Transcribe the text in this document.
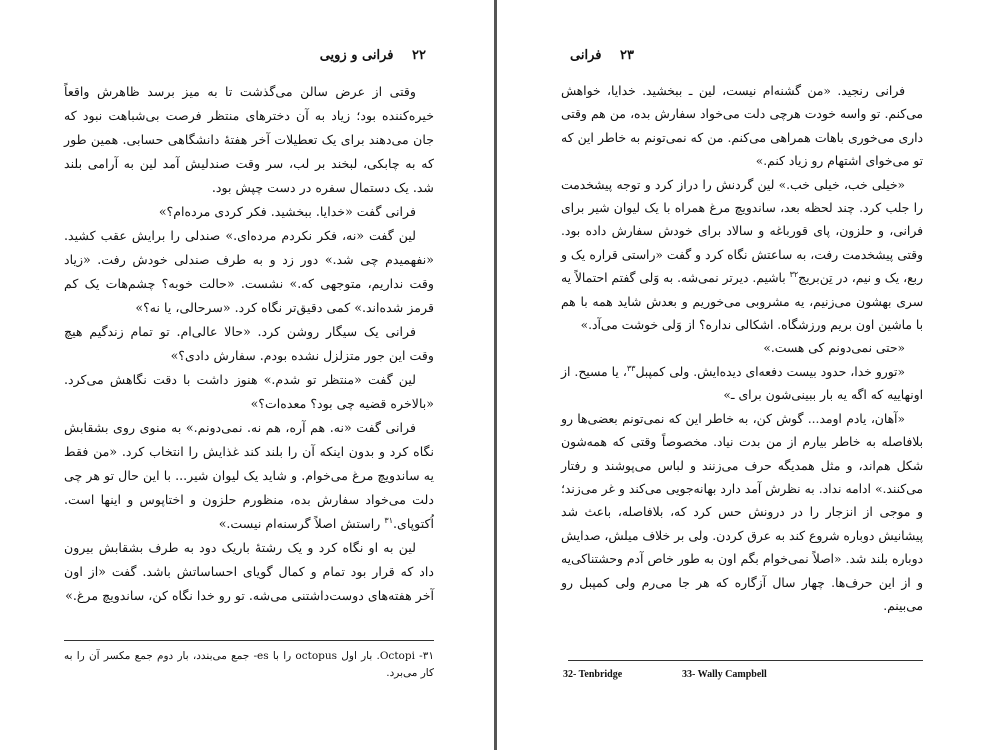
۲۲ فرانی و زویی

وقتی از عرض سالن می‌گذشت تا به میز برسد ظاهرش واقعاً خیره‌کننده بود؛ زیاد به آن دخترهای منتظر فرصت بی‌شباهت نبود که جان می‌دهند برای یک تعطیلات آخر هفتهٔ دانشگاهی حسابی. همین طور که به چابکی، لبخند بر لب، سر وقت صندلیش آمد لین به آرامی بلند شد. یک دستمال سفره در دست چپش بود.

فرانی گفت «خدایا. ببخشید. فکر کردی مرده‌ام؟»

لین گفت «نه، فکر نکردم مرده‌ای.» صندلی را برایش عقب کشید. «نفهمیدم چی شد.» دور زد و به طرف صندلی خودش رفت. «زیاد وقت نداریم، متوجهی که.» نشست. «حالت خوبه؟ چشم‌هات یک کم قرمز شده‌اند.» کمی دقیق‌تر نگاه کرد. «سرحالی، یا نه؟»

فرانی یک سیگار روشن کرد. «حالا عالی‌ام. تو تمام زندگیم هیچ وقت این جور متزلزل نشده بودم. سفارش دادی؟»

لین گفت «منتظر تو شدم.» هنوز داشت با دقت نگاهش می‌کرد. «بالاخره قضیه چی بود؟ معده‌ات؟»

فرانی گفت «نه. هم آره، هم نه. نمی‌دونم.» به منوی روی بشقابش نگاه کرد و بدون اینکه آن را بلند کند غذایش را انتخاب کرد. «من فقط یه ساندویچ مرغ می‌خوام. و شاید یک لیوان شیر... با این حال تو هر چی دلت می‌خواد سفارش بده، منظورم حلزون و اختاپوس و اینها است. اُکتوپای.$^{۳۱}$ راستش اصلاً گرسنه‌ام نیست.»

لین به او نگاه کرد و یک رشتهٔ باریک دود به طرف بشقابش بیرون داد که قرار بود تمام و کمال گویای احساساتش باشد. گفت «از اون آخر هفته‌های دوست‌داشتنی می‌شه. تو رو خدا نگاه کن، ساندویچ مرغ.»

۳۱- Octopi. بار اول octopus را با es- جمع می‌بندد، بار دوم جمع مکسر آن را به کار می‌برد.
۲۳ فرانی

فرانی رنجید. «من گشنه‌ام نیست، لین ـ ببخشید. خدایا، خواهش می‌کنم. تو واسه خودت هرچی دلت می‌خواد سفارش بده، من هم وقتی داری می‌خوری باهات همراهی می‌کنم. من که نمی‌تونم به خاطر این که تو می‌خوای اشتهام رو زیاد کنم.»

«خیلی خب، خیلی خب.» لین گردنش را دراز کرد و توجه پیشخدمت را جلب کرد. چند لحظه بعد، ساندویچ مرغ همراه با یک لیوان شیر برای فرانی، و حلزون، پای قورباغه و سالاد برای خودش سفارش داده بود. وقتی پیشخدمت رفت، به ساعتش نگاه کرد و گفت «راستی قراره یک و ربع، یک و نیم، در تِن‌بریج$^{۳۲}$ باشیم. دیرتر نمی‌شه. به وَلی گفتم احتمالاً یه سری بهشون می‌زنیم، یه مشروبی می‌خوریم و بعدش شاید همه با هم با ماشین اون بریم ورزشگاه. اشکالی نداره؟ از وَلی خوشت می‌آد.»

«حتی نمی‌دونم کی هست.»

«تورو خدا، حدود بیست دفعه‌ای دیده‌ایش. ولی کمپبل$^{۳۳}$، یا مسیح. از اونهاییه که اگه یه بار ببینی‌شون برای ـ»

«آهان، یادم اومد... گوش کن، به خاطر این که نمی‌تونم بعضی‌ها رو بلافاصله به خاطر بیارم از من بدت نیاد. مخصوصاً وقتی که همه‌شون شکل هم‌اند، و مثل همدیگه حرف می‌زنند و لباس می‌پوشند و رفتار می‌کنند.» ادامه نداد. به نظرش آمد دارد بهانه‌جویی می‌کند و غر می‌زند؛ و موجی از انزجار را در درونش حس کرد که، بلافاصله، باعث شد پیشانیش دوباره شروع کند به عرق کردن. ولی بر خلاف میلش، صدایش دوباره بلند شد. «اصلاً نمی‌خوام بگم اون به طور خاص آدم وحشتناکی‌یه و از این حرف‌ها. چهار سال آزگاره که هر جا می‌رم ولی کمپبل رو می‌بینم.

32- Tenbridge	33- Wally Campbell
